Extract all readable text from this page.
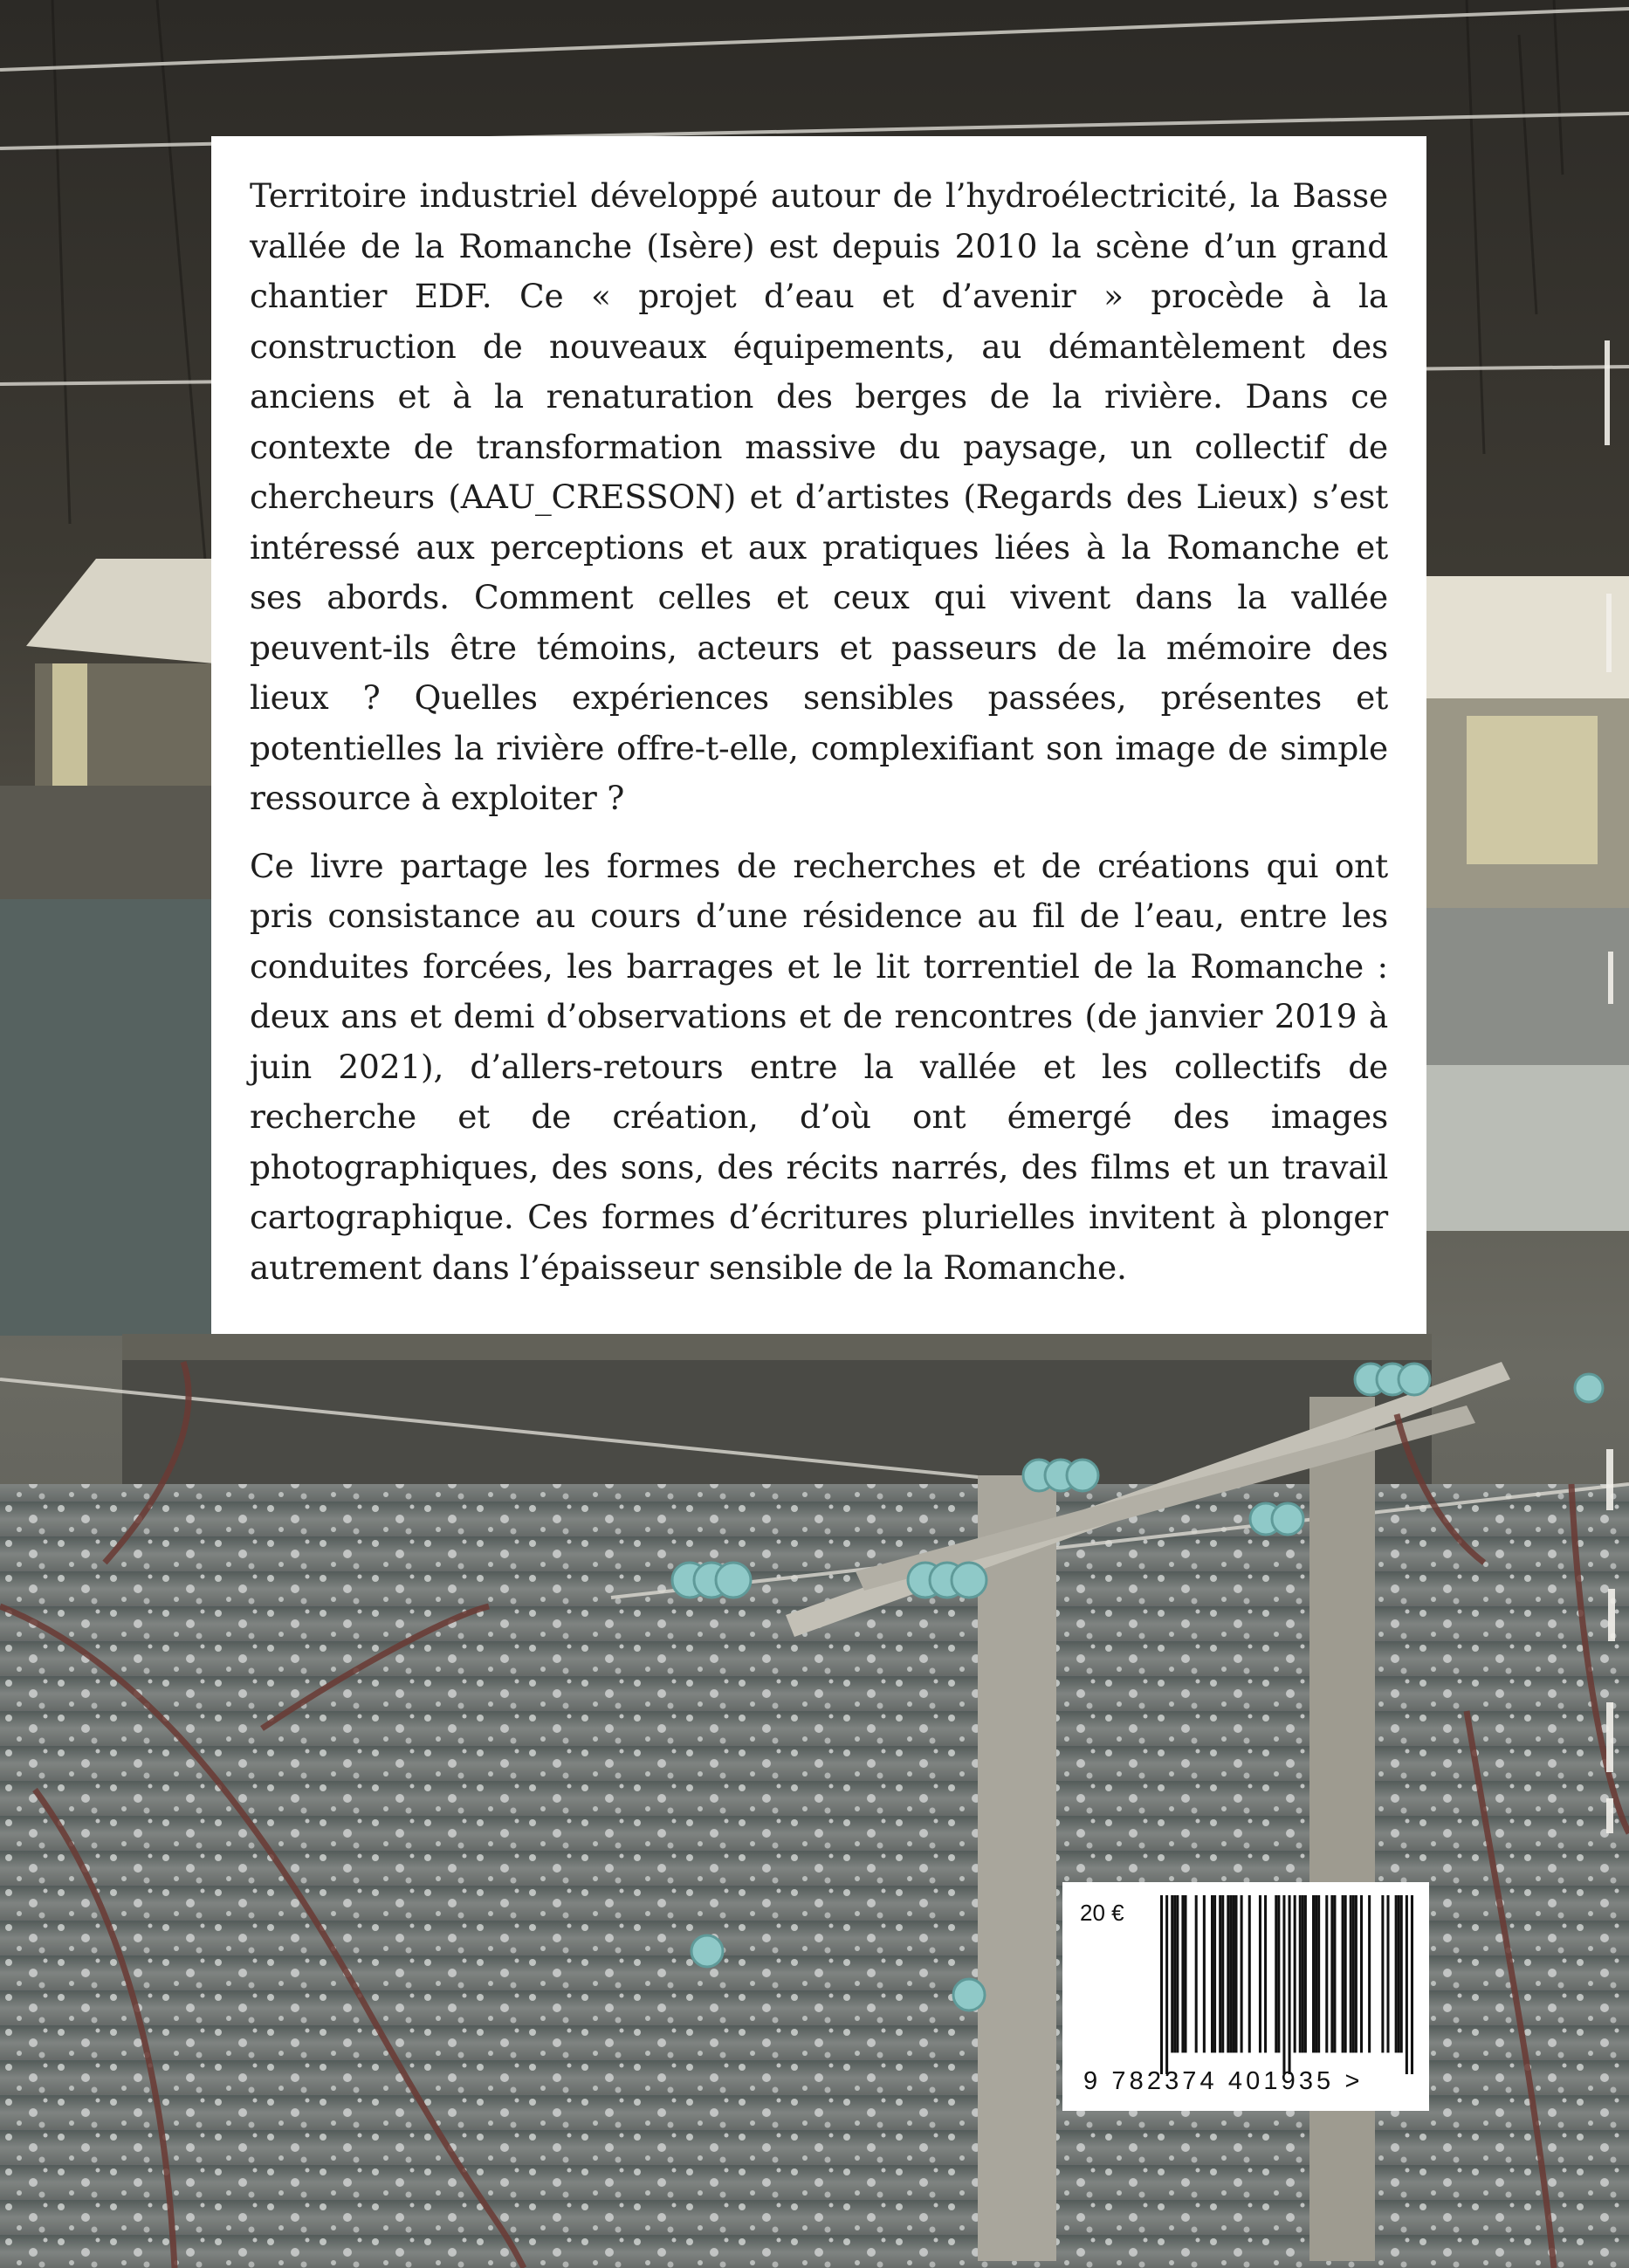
Territoire industriel développé autour de l’hydroélectricité, la Basse vallée de la Romanche (Isère) est depuis 2010 la scène d’un grand chantier EDF. Ce « projet d’eau et d’avenir » procède à la construction de nouveaux équipements, au démantèlement des anciens et à la renaturation des berges de la rivière. Dans ce contexte de transformation massive du paysage, un collectif de chercheurs (AAU_CRESSON) et d’artistes (Regards des Lieux) s’est intéressé aux perceptions et aux pratiques liées à la Romanche et ses abords. Comment celles et ceux qui vivent dans la vallée peuvent-ils être témoins, acteurs et passeurs de la mémoire des lieux ? Quelles expériences sensibles passées, présentes et potentielles la rivière offre-t-elle, complexifiant son image de simple ressource à exploiter ?

Ce livre partage les formes de recherches et de créations qui ont pris consistance au cours d’une résidence au fil de l’eau, entre les conduites forcées, les barrages et le lit torrentiel de la Romanche : deux ans et demi d’observations et de rencontres (de janvier 2019 à juin 2021), d’allers-retours entre la vallée et les collectifs de recherche et de création, d’où ont émergé des images photographiques, des sons, des récits narrés, des films et un travail cartographique. Ces formes d’écritures plurielles invitent à plonger autrement dans l’épaisseur sensible de la Romanche.

20 €
9 782374 401935 >
